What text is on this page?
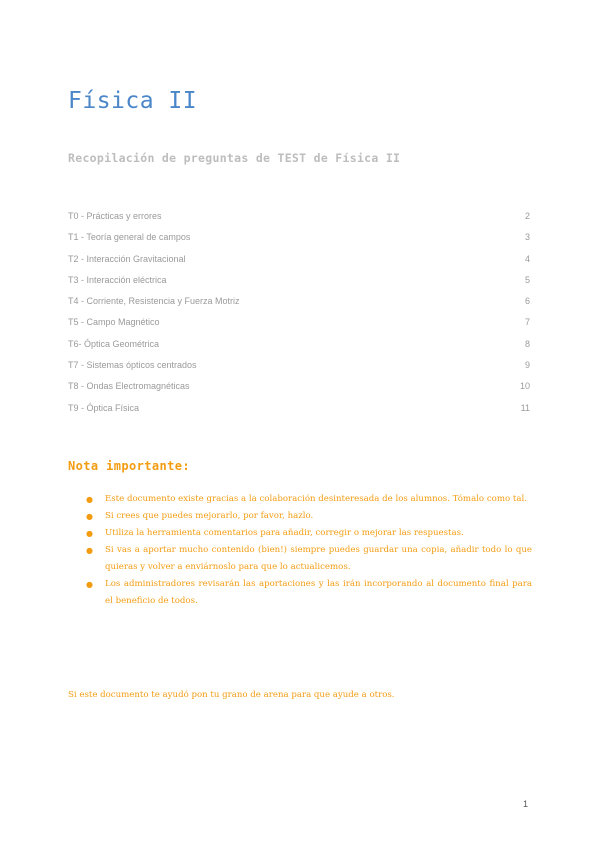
Física II
Recopilación de preguntas de TEST de Física II
T0 - Prácticas y errores	2
T1 - Teoría general de campos	3
T2 - Interacción Gravitacional	4
T3 - Interacción eléctrica	5
T4 - Corriente, Resistencia y Fuerza Motriz	6
T5 - Campo Magnético	7
T6- Óptica Geométrica	8
T7 - Sistemas ópticos centrados	9
T8 - Ondas Electromagnéticas	10
T9 - Óptica Física	11
Nota importante:
● Este documento existe gracias a la colaboración desinteresada de los alumnos. Tómalo como tal.
● Si crees que puedes mejorarlo, por favor, hazlo.
● Utiliza la herramienta comentarios para añadir, corregir o mejorar las respuestas.
● Si vas a aportar mucho contenido (bien!) siempre puedes guardar una copia, añadir todo lo que quieras y volver a enviárnoslo para que lo actualicemos.
● Los administradores revisarán las aportaciones y las irán incorporando al documento final para el beneficio de todos.
Si este documento te ayudó pon tu grano de arena para que ayude a otros.
1
